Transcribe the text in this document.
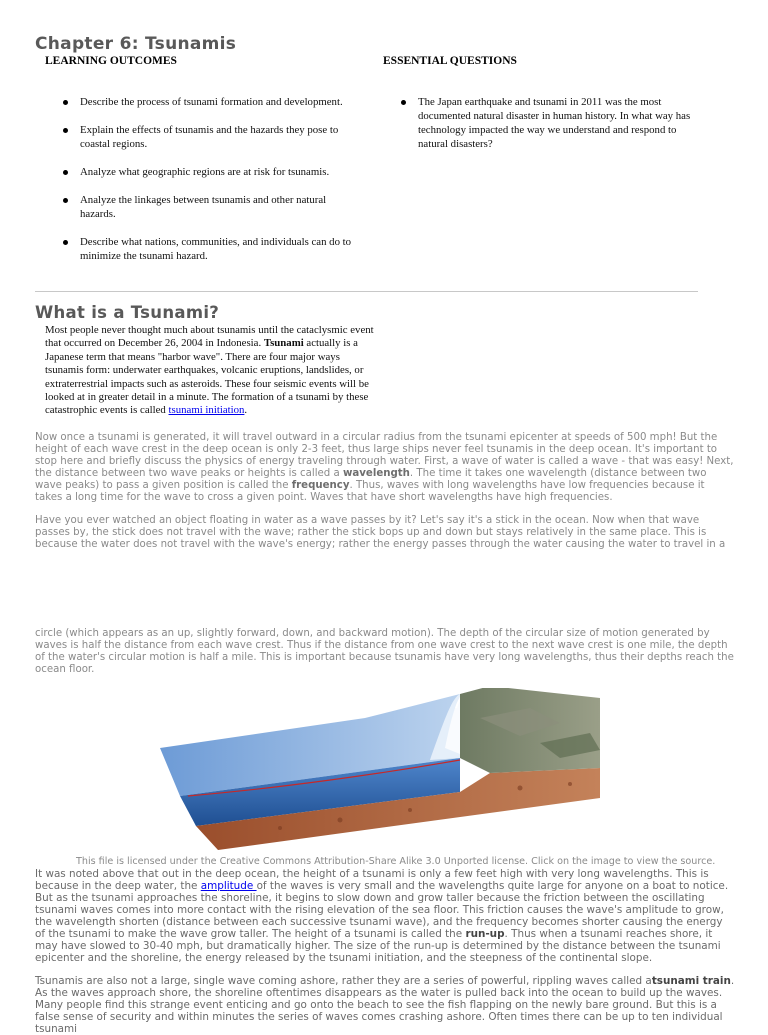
Chapter 6: Tsunamis
LEARNING OUTCOMES	ESSENTIAL QUESTIONS
Describe the process of tsunami formation and development.
Explain the effects of tsunamis and the hazards they pose to coastal regions.
Analyze what geographic regions are at risk for tsunamis.
Analyze the linkages between tsunamis and other natural hazards.
Describe what nations, communities, and individuals can do to minimize the tsunami hazard.
The Japan earthquake and tsunami in 2011 was the most documented natural disaster in human history. In what way has technology impacted the way we understand and respond to natural disasters?
What is a Tsunami?
Most people never thought much about tsunamis until the cataclysmic event that occurred on December 26, 2004 in Indonesia. Tsunami actually is a Japanese term that means "harbor wave". There are four major ways tsunamis form: underwater earthquakes, volcanic eruptions, landslides, or extraterrestrial impacts such as asteroids. These four seismic events will be looked at in greater detail in a minute. The formation of a tsunami by these catastrophic events is called tsunami initiation.
Now once a tsunami is generated, it will travel outward in a circular radius from the tsunami epicenter at speeds of 500 mph! But the height of each wave crest in the deep ocean is only 2-3 feet, thus large ships never feel tsunamis in the deep ocean. It's important to stop here and briefly discuss the physics of energy traveling through water. First, a wave of water is called a wave - that was easy! Next, the distance between two wave peaks or heights is called a wavelength. The time it takes one wavelength (distance between two wave peaks) to pass a given position is called the frequency. Thus, waves with long wavelengths have low frequencies because it takes a long time for the wave to cross a given point. Waves that have short wavelengths have high frequencies.
Have you ever watched an object floating in water as a wave passes by it? Let's say it's a stick in the ocean. Now when that wave passes by, the stick does not travel with the wave; rather the stick bops up and down but stays relatively in the same place. This is because the water does not travel with the wave's energy; rather the energy passes through the water causing the water to travel in a
circle (which appears as an up, slightly forward, down, and backward motion). The depth of the circular size of motion generated by waves is half the distance from each wave crest. Thus if the distance from one wave crest to the next wave crest is one mile, the depth of the water's circular motion is half a mile. This is important because tsunamis have very long wavelengths, thus their depths reach the ocean floor.
This file is licensed under the Creative Commons Attribution-Share Alike 3.0 Unported license. Click on the image to view the source.
It was noted above that out in the deep ocean, the height of a tsunami is only a few feet high with very long wavelengths. This is because in the deep water, the amplitude of the waves is very small and the wavelengths quite large for anyone on a boat to notice. But as the tsunami approaches the shoreline, it begins to slow down and grow taller because the friction between the oscillating tsunami waves comes into more contact with the rising elevation of the sea floor. This friction causes the wave's amplitude to grow, the wavelength shorten (distance between each successive tsunami wave), and the frequency becomes shorter causing the energy of the tsunami to make the wave grow taller. The height of a tsunami is called the run-up. Thus when a tsunami reaches shore, it may have slowed to 30-40 mph, but dramatically higher. The size of the run-up is determined by the distance between the tsunami epicenter and the shoreline, the energy released by the tsunami initiation, and the steepness of the continental slope.
Tsunamis are also not a large, single wave coming ashore, rather they are a series of powerful, rippling waves called atsunami train. As the waves approach shore, the shoreline oftentimes disappears as the water is pulled back into the ocean to build up the waves. Many people find this strange event enticing and go onto the beach to see the fish flapping on the newly bare ground. But this is a false sense of security and within minutes the series of waves comes crashing ashore. Often times there can be up to ten individual tsunami
